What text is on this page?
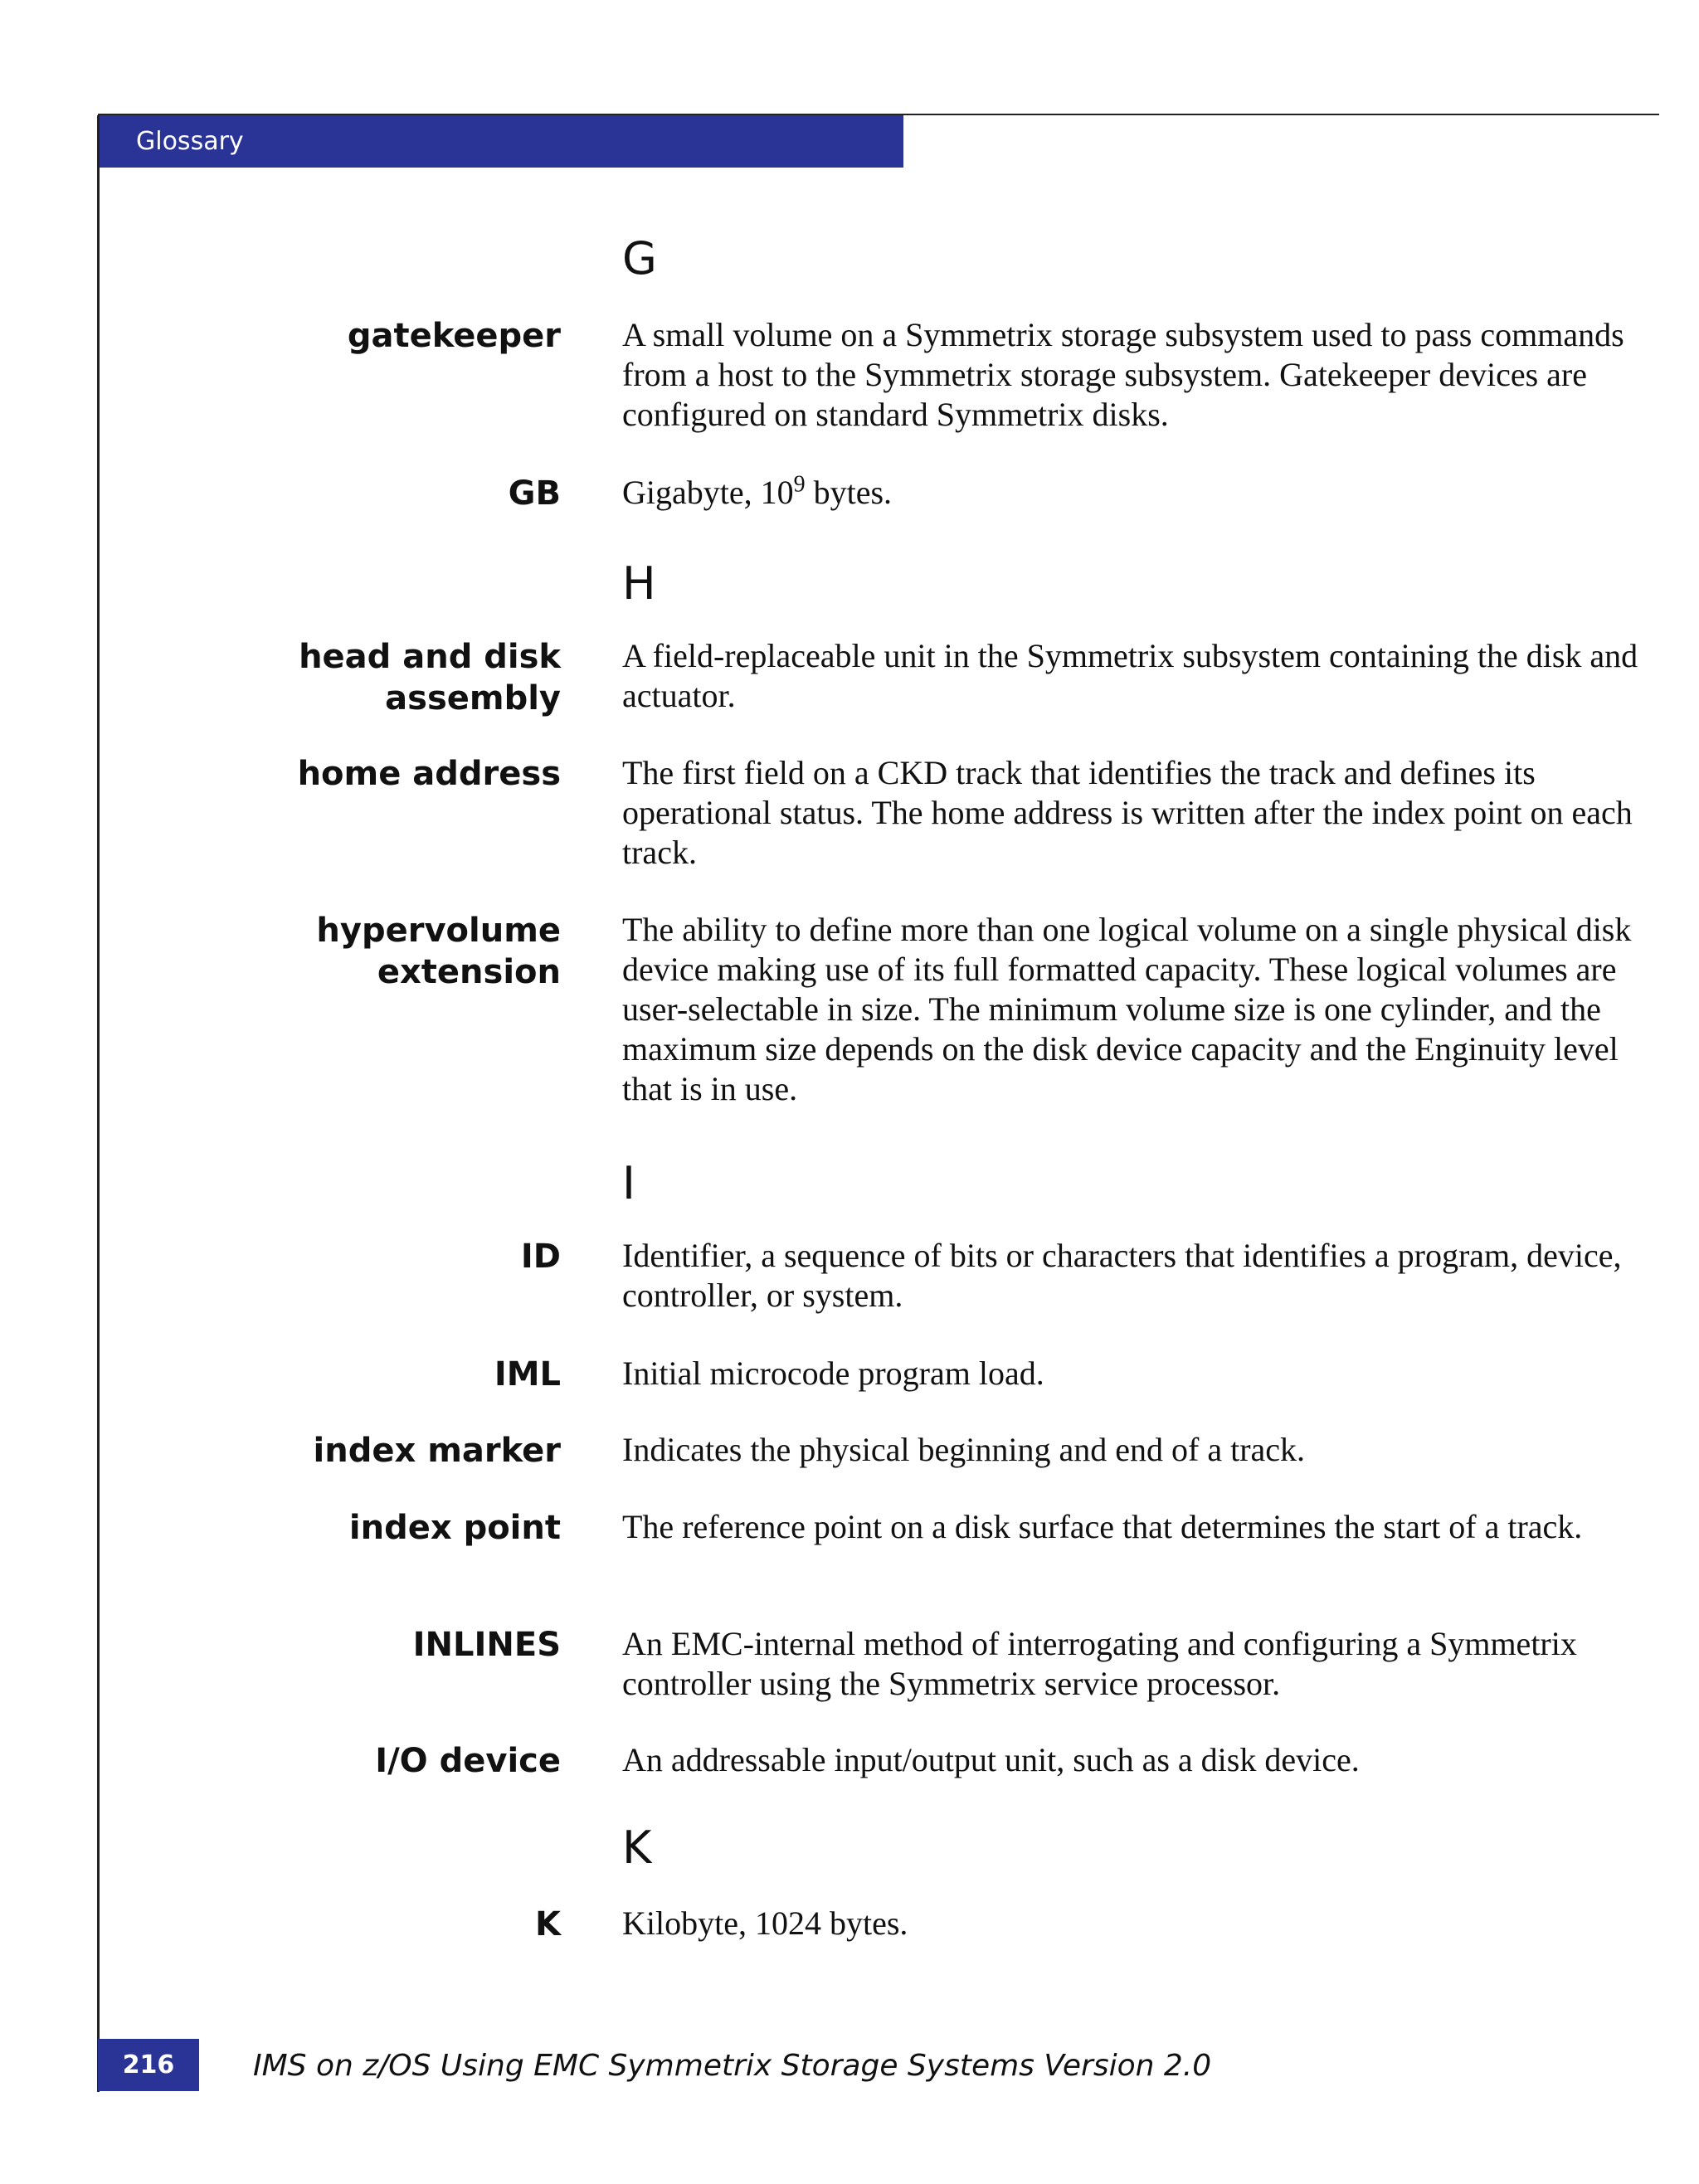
Glossary
G
gatekeeper A small volume on a Symmetrix storage subsystem used to pass commands from a host to the Symmetrix storage subsystem. Gatekeeper devices are configured on standard Symmetrix disks.
GB Gigabyte, $10^9$ bytes.
H
head and disk assembly
A field-replaceable unit in the Symmetrix subsystem containing the disk and actuator.
home address The first field on a CKD track that identifies the track and defines its operational status. The home address is written after the index point on each track.
hypervolume extension
The ability to define more than one logical volume on a single physical disk device making use of its full formatted capacity. These logical volumes are user-selectable in size. The minimum volume size is one cylinder, and the maximum size depends on the disk device capacity and the Enginuity level that is in use.
I
ID Identifier, a sequence of bits or characters that identifies a program, device, controller, or system.
IML Initial microcode program load.
index marker Indicates the physical beginning and end of a track.
index point The reference point on a disk surface that determines the start of a track.
INLINES An EMC-internal method of interrogating and configuring a Symmetrix controller using the Symmetrix service processor.
I/O device An addressable input/output unit, such as a disk device.
K
K Kilobyte, 1024 bytes.
216	IMS on z/OS Using EMC Symmetrix Storage Systems Version 2.0
